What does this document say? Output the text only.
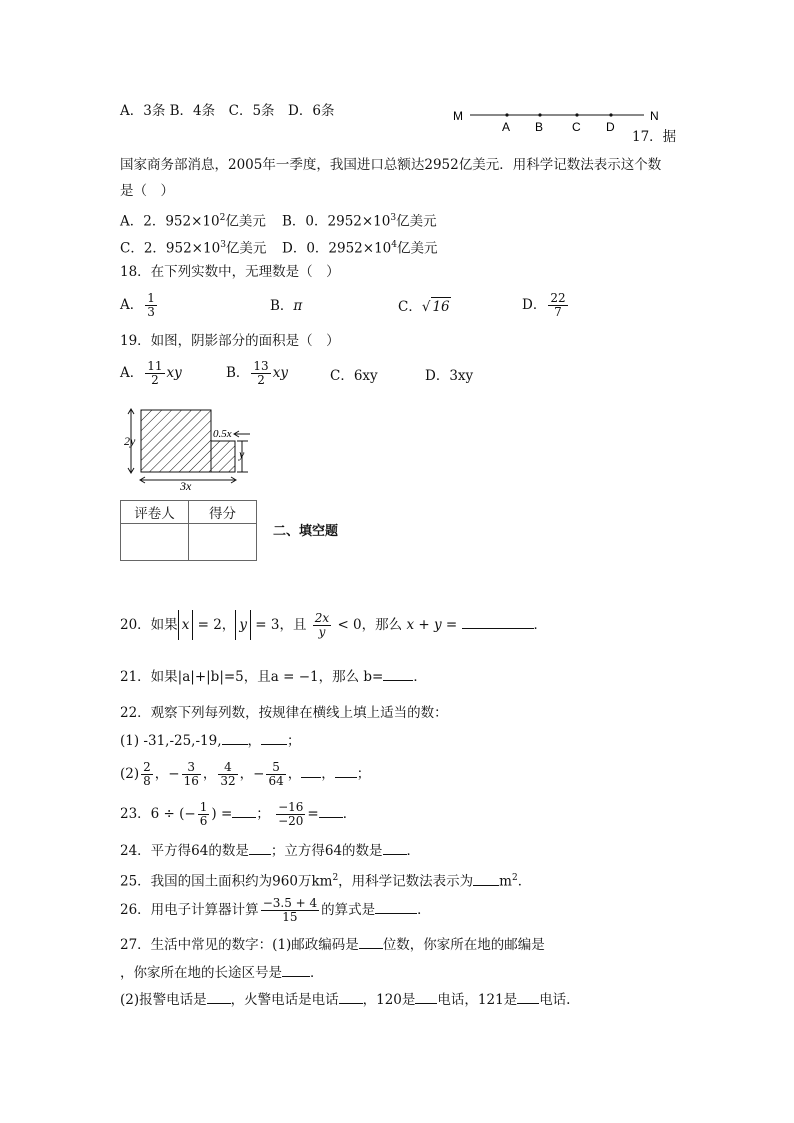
A．3条 B．4条　C．5条　D．6条	M
A B C D
N
17．据
国家商务部消息，2005年一季度，我国进口总额达2952亿美元．用科学记数法表示这个数
是（　）
A．2．$952\times 10^2$亿美元 B．0．$2952\times 10^3$亿美元
C．2．$952\times 10^3$亿美元 D．0．$2952\times 10^4$亿美元
18．在下列实数中，无理数是（　）
A． $\frac{1}{3}$	B．π	C．√ 16	D． $\frac{22}{7}$
19．如图，阴影部分的面积是（　）
A． $\frac{11}{2}$ xy	B． $\frac{13}{2}$ xy	C．6xy	D．3xy
2y
3x
0.5x
y
评卷人	得分

二、填空题
20．如果 x = 2， y = 3，且 $\frac{2x}{y} < 0$，那么 x + y =	．
21．如果|a|+|b|=5，且a = −1，那么 b= ．
22．观察下列每列数，按规律在横线上填上适当的数：
(1) -31,-25,-19, ， ；
$(2) \frac{2}{8}$ ，− $\frac{3}{16}$ ， $\frac{4}{32}$ ，− $\frac{5}{64}$ ， ， ；
23．6 ÷ (− $\frac{1}{6}$ ) = ； $\frac{-16}{-20}$ = ．
24．平方得64的数是 ；立方得64的数是 ．
25．我国的国土面积约为960万$km^2$，用科学记数法表示为 $m^2$．
26．用电子计算器计算 $\frac{-3.5 + 4}{15}$ 的算式是	．
27．生活中常见的数字：(1)邮政编码是 位数，你家所在地的邮编是
，你家所在地的长途区号是 ．
(2)报警电话是 ，火警电话是电话 ，120是 电话，121是 电话.
